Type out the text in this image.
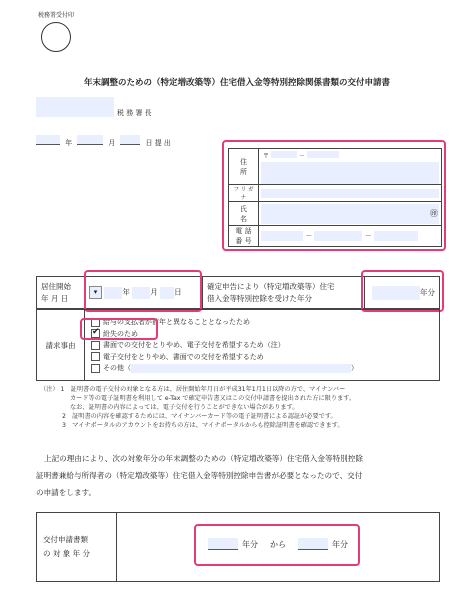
税務署受付印
年末調整のための（特定増改築等）住宅借入金等特別控除関係書類の交付申請書
税 務 署 長
年	月	日 提 出
住　　所	〒 －

フ リ ガ ナ	

氏　　名	㊞

電 話 番 号	－ －
居住開始
年 月 日
	▾	年	月 日	
確定申告により（特定増改築等）住宅
借入金等特別控除を受けた年分
	年分
請求事由	
給与の支払者が前年と異なることとなったため
✔
紛失のため
書面での交付をとりやめ、電子交付を希望するため（注）
電子交付をとりやめ、書面での交付を希望するため
その他（	）
（注） 1　証明書の電子交付の対象となる方は、居住開始年月日が平成31年1月1日以降の方で、マイナンバー
カード等の電子証明書を利用して e-Tax で確定申告書又はこの交付申請書を提出された方に限ります。
なお、証明書の内容によっては、電子交付を行うことができない場合があります。
2　証明書の内容を確認するためには、マイナンバーカード等の電子証明書による認証が必要です。
3　マイナポータルのアカウントをお持ちの方は、マイナポータルからも控除証明書を確認できます。
上記の理由により、次の対象年分の年末調整のための（特定増改築等）住宅借入金等特別控除
証明書兼給与所得者の（特定増改築等）住宅借入金等特別控除申告書が必要となったので、交付
の申請をします。
交付申請書類
の 対 象 年 分

年分 から	年分
